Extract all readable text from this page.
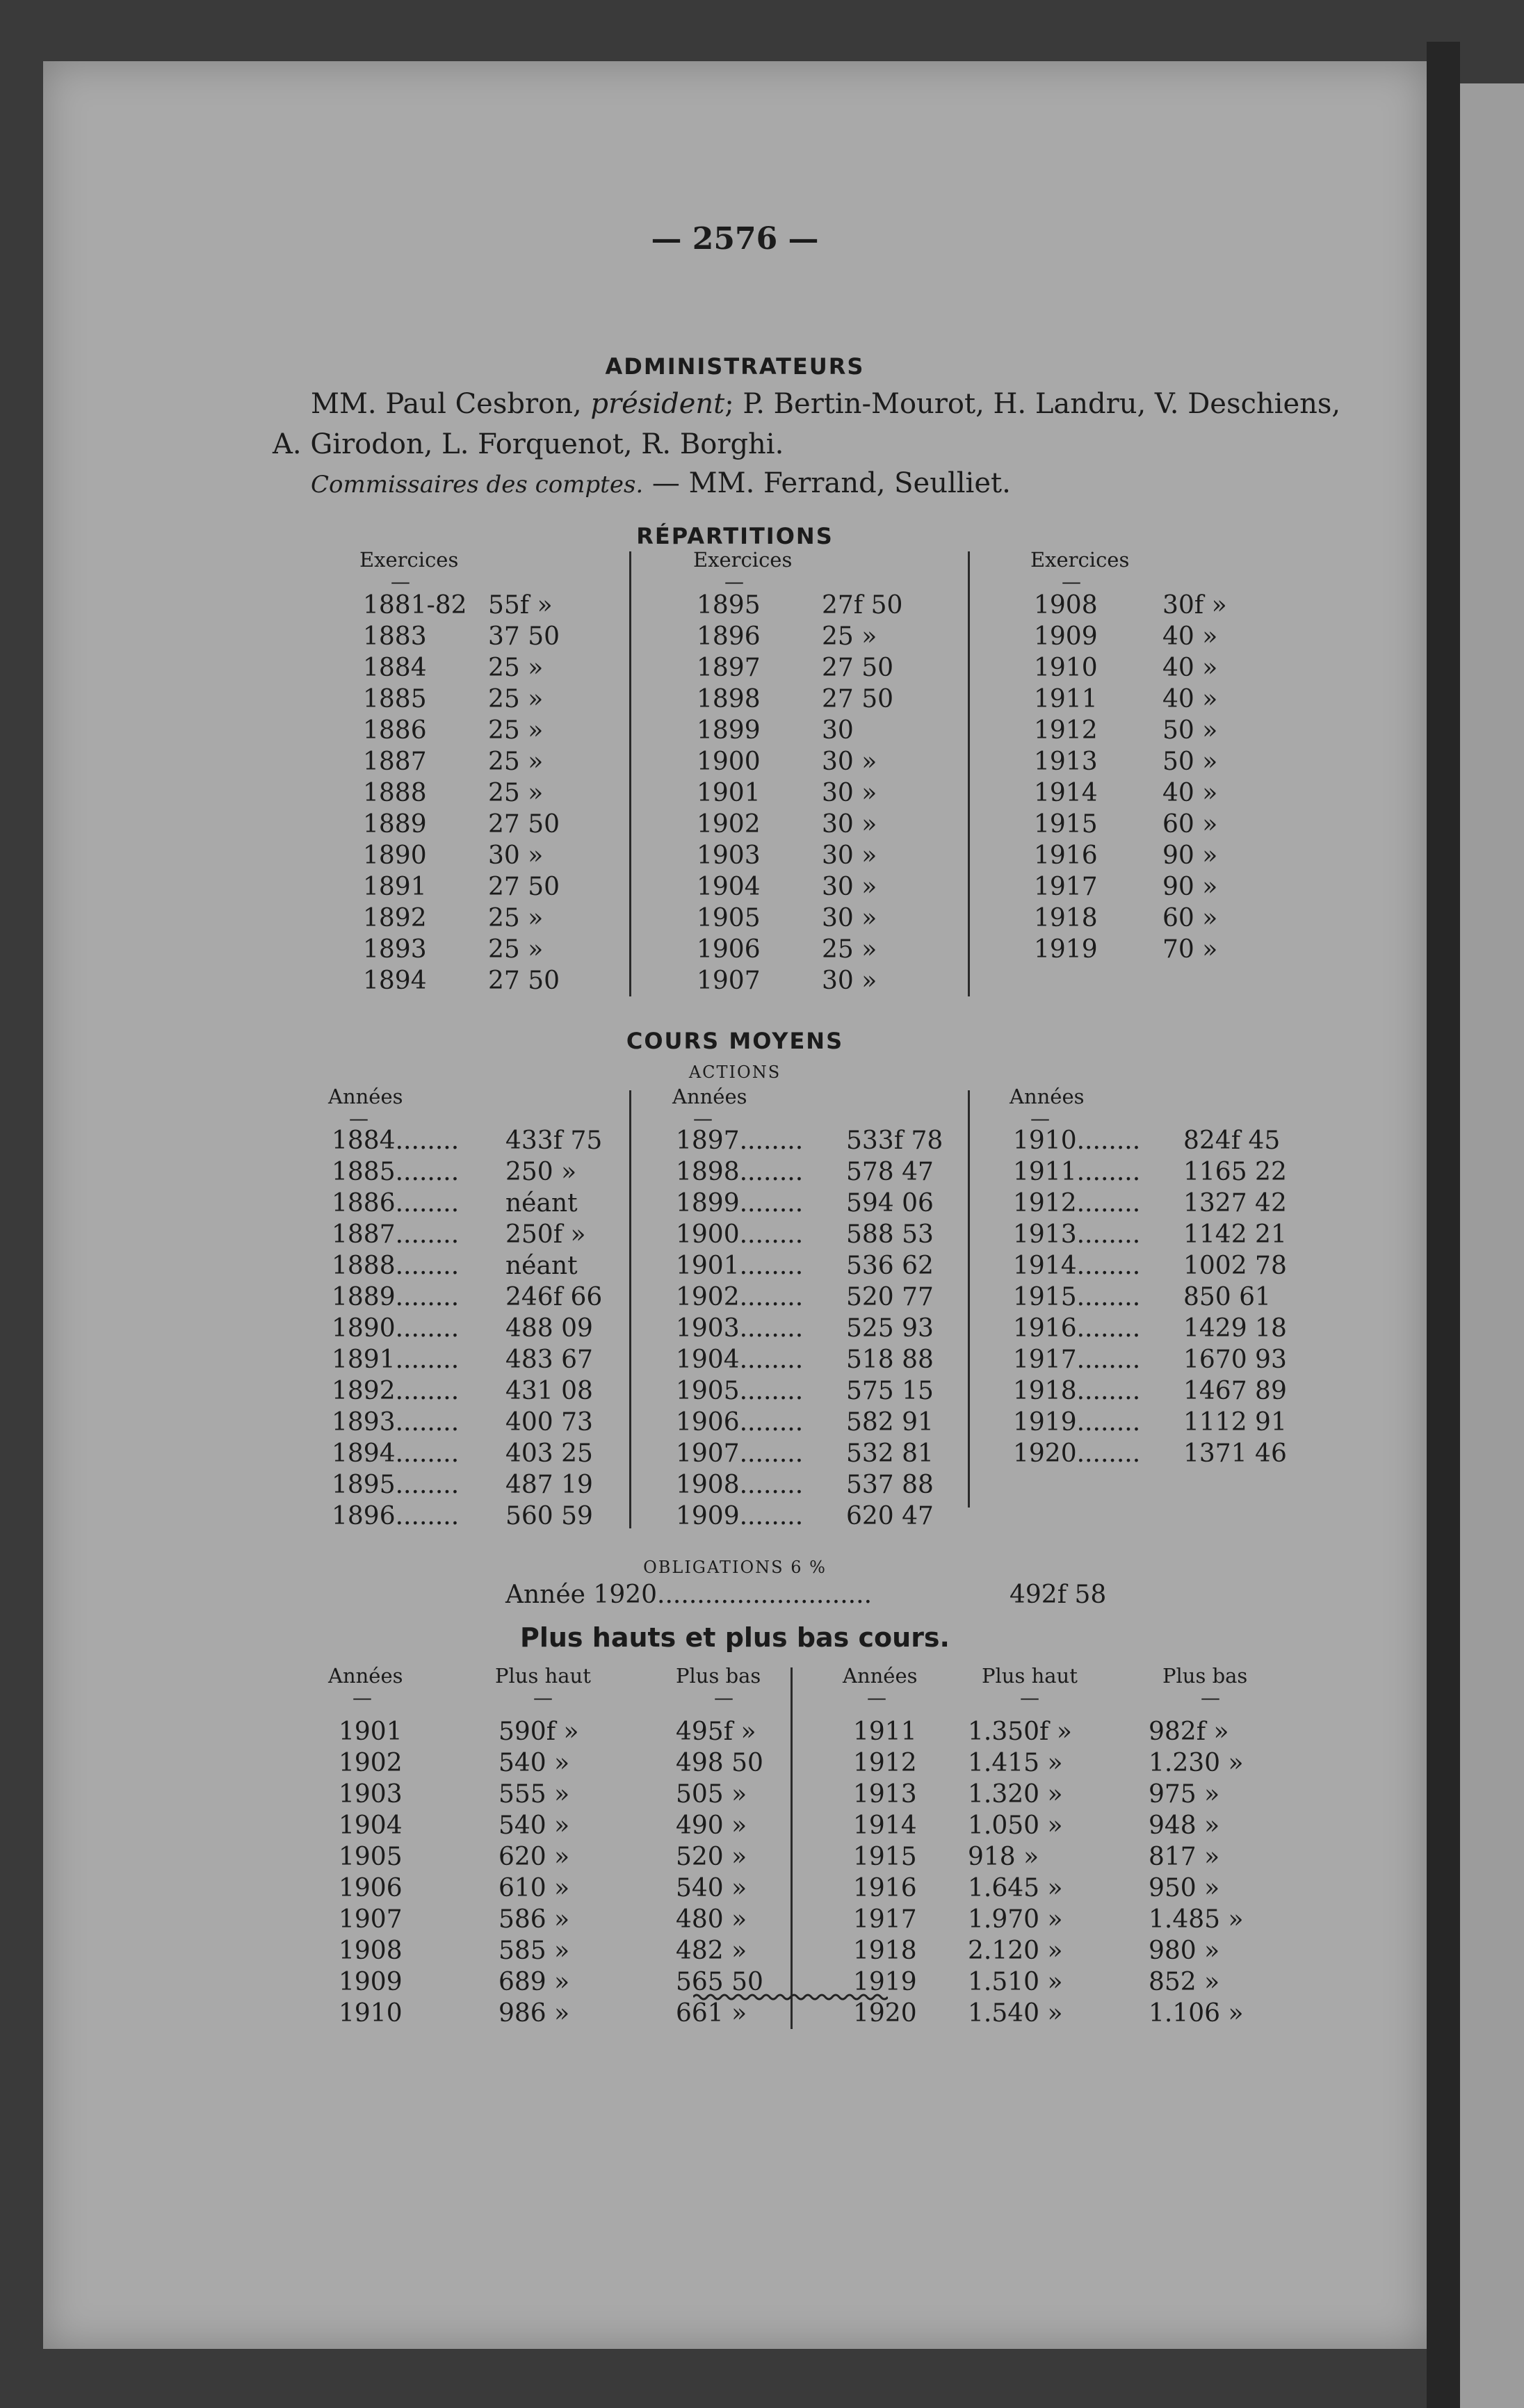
— 2576 —
ADMINISTRATEURS
MM. Paul Cesbron, président; P. Bertin-Mourot, H. Landru, V. Deschiens,
A. Girodon, L. Forquenot, R. Borghi.
Commissaires des comptes. — MM. Ferrand, Seulliet.
RÉPARTITIONS
Exercices
—
1881-82 55f »
1883 37 50
1884 25 »
1885 25 »
1886 25 »
1887 25 »
1888 25 »
1889 27 50
1890 30 »
1891 27 50
1892 25 »
1893 25 »
1894 27 50
Exercices
—
1895 27f 50
1896 25 »
1897 27 50
1898 27 50
1899 30
1900 30 »
1901 30 »
1902 30 »
1903 30 »
1904 30 »
1905 30 »
1906 25 »
1907 30 »
Exercices
—
1908	30f »
1909	40 »
1910	40 »
1911	40 »
1912	50 »
1913	50 »
1914	40 »
1915	60 »
1916	90 »
1917	90 »
1918	60 »
1919	70 »
COURS MOYENS
ACTIONS
Années
—
1884........ 433f 75
1885........ 250 »
1886........ néant
1887........ 250f »
1888........ néant
1889........ 246f 66
1890........ 488 09
1891........ 483 67
1892........ 431 08
1893........ 400 73
1894........ 403 25
1895........ 487 19
1896........ 560 59
Années
—
1897........ 533f 78
1898........ 578 47
1899........ 594 06
1900........ 588 53
1901........ 536 62
1902........ 520 77
1903........ 525 93
1904........ 518 88
1905........ 575 15
1906........ 582 91
1907........ 532 81
1908........ 537 88
1909........ 620 47
Années
—
1910........ 824f 45
1911........ 1165 22
1912........ 1327 42
1913........ 1142 21
1914........ 1002 78
1915........ 850 61
1916........ 1429 18
1917........ 1670 93
1918........ 1467 89
1919........ 1112 91
1920........ 1371 46
OBLIGATIONS 6 %
Année 1920...........................	492f 58
Plus hauts et plus bas cours.
Années
—
Plus haut
—
Plus bas
—
1901	590f »	495f »
1902	540 »	498 50
1903	555 »	505 »
1904	540 »	490 »
1905	620 »	520 »
1906	610 »	540 »
1907	586 »	480 »
1908	585 »	482 »
1909	689 »	565 50
1910	986 »	661 »
Années
—
Plus haut
—
Plus bas
—
1911 1.350f »	982f »
1912 1.415 »	1.230 »
1913 1.320 »	975 »
1914 1.050 »	948 »
1915 918 »	817 »
1916 1.645 »	950 »
1917 1.970 »	1.485 »
1918 2.120 »	980 »
1919 1.510 »	852 »
1920 1.540 »	1.106 »
